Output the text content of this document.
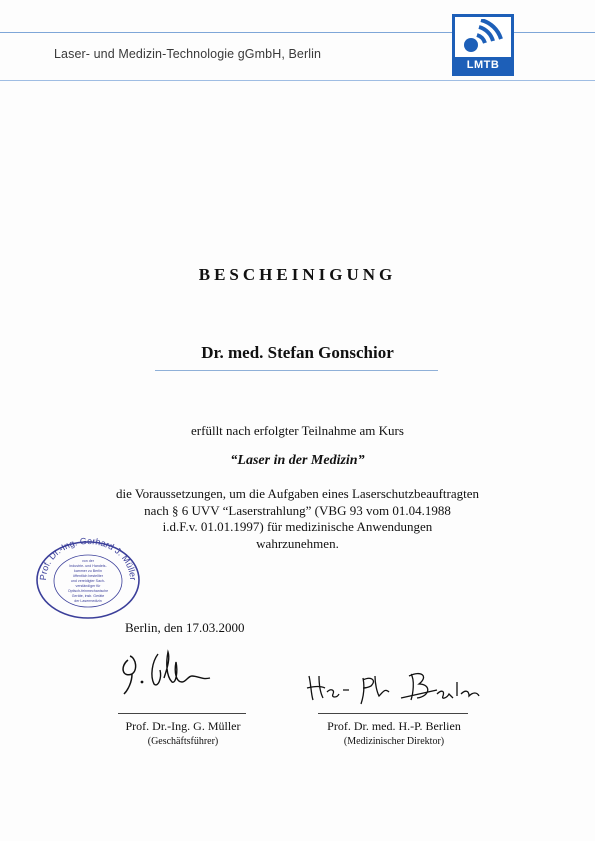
Laser- und Medizin-Technologie gGmbH, Berlin
LMTB
BESCHEINIGUNG
Dr. med. Stefan Gonschior
erfüllt nach erfolgter Teilnahme am Kurs
“Laser in der Medizin”
die Voraussetzungen, um die Aufgaben eines Laserschutzbeauftragten
nach § 6 UVV “Laserstrahlung” (VBG 93 vom 01.04.1988
i.d.F.v. 01.01.1997) für medizinische Anwendungen
wahrzunehmen.
Prof. Dr.-Ing. Gerhard J. Müller
von der
Industrie- und Handels-
kammer zu Berlin
öffentlich bestellter
und vereidigter Sach-
verständiger für
Optisch-feinmechanische
Geräte, insb. Geräte
der Lasermedizin
Berlin, den 17.03.2000
Prof. Dr.-Ing. G. Müller
(Geschäftsführer)
Prof. Dr. med. H.-P. Berlien
(Medizinischer Direktor)
